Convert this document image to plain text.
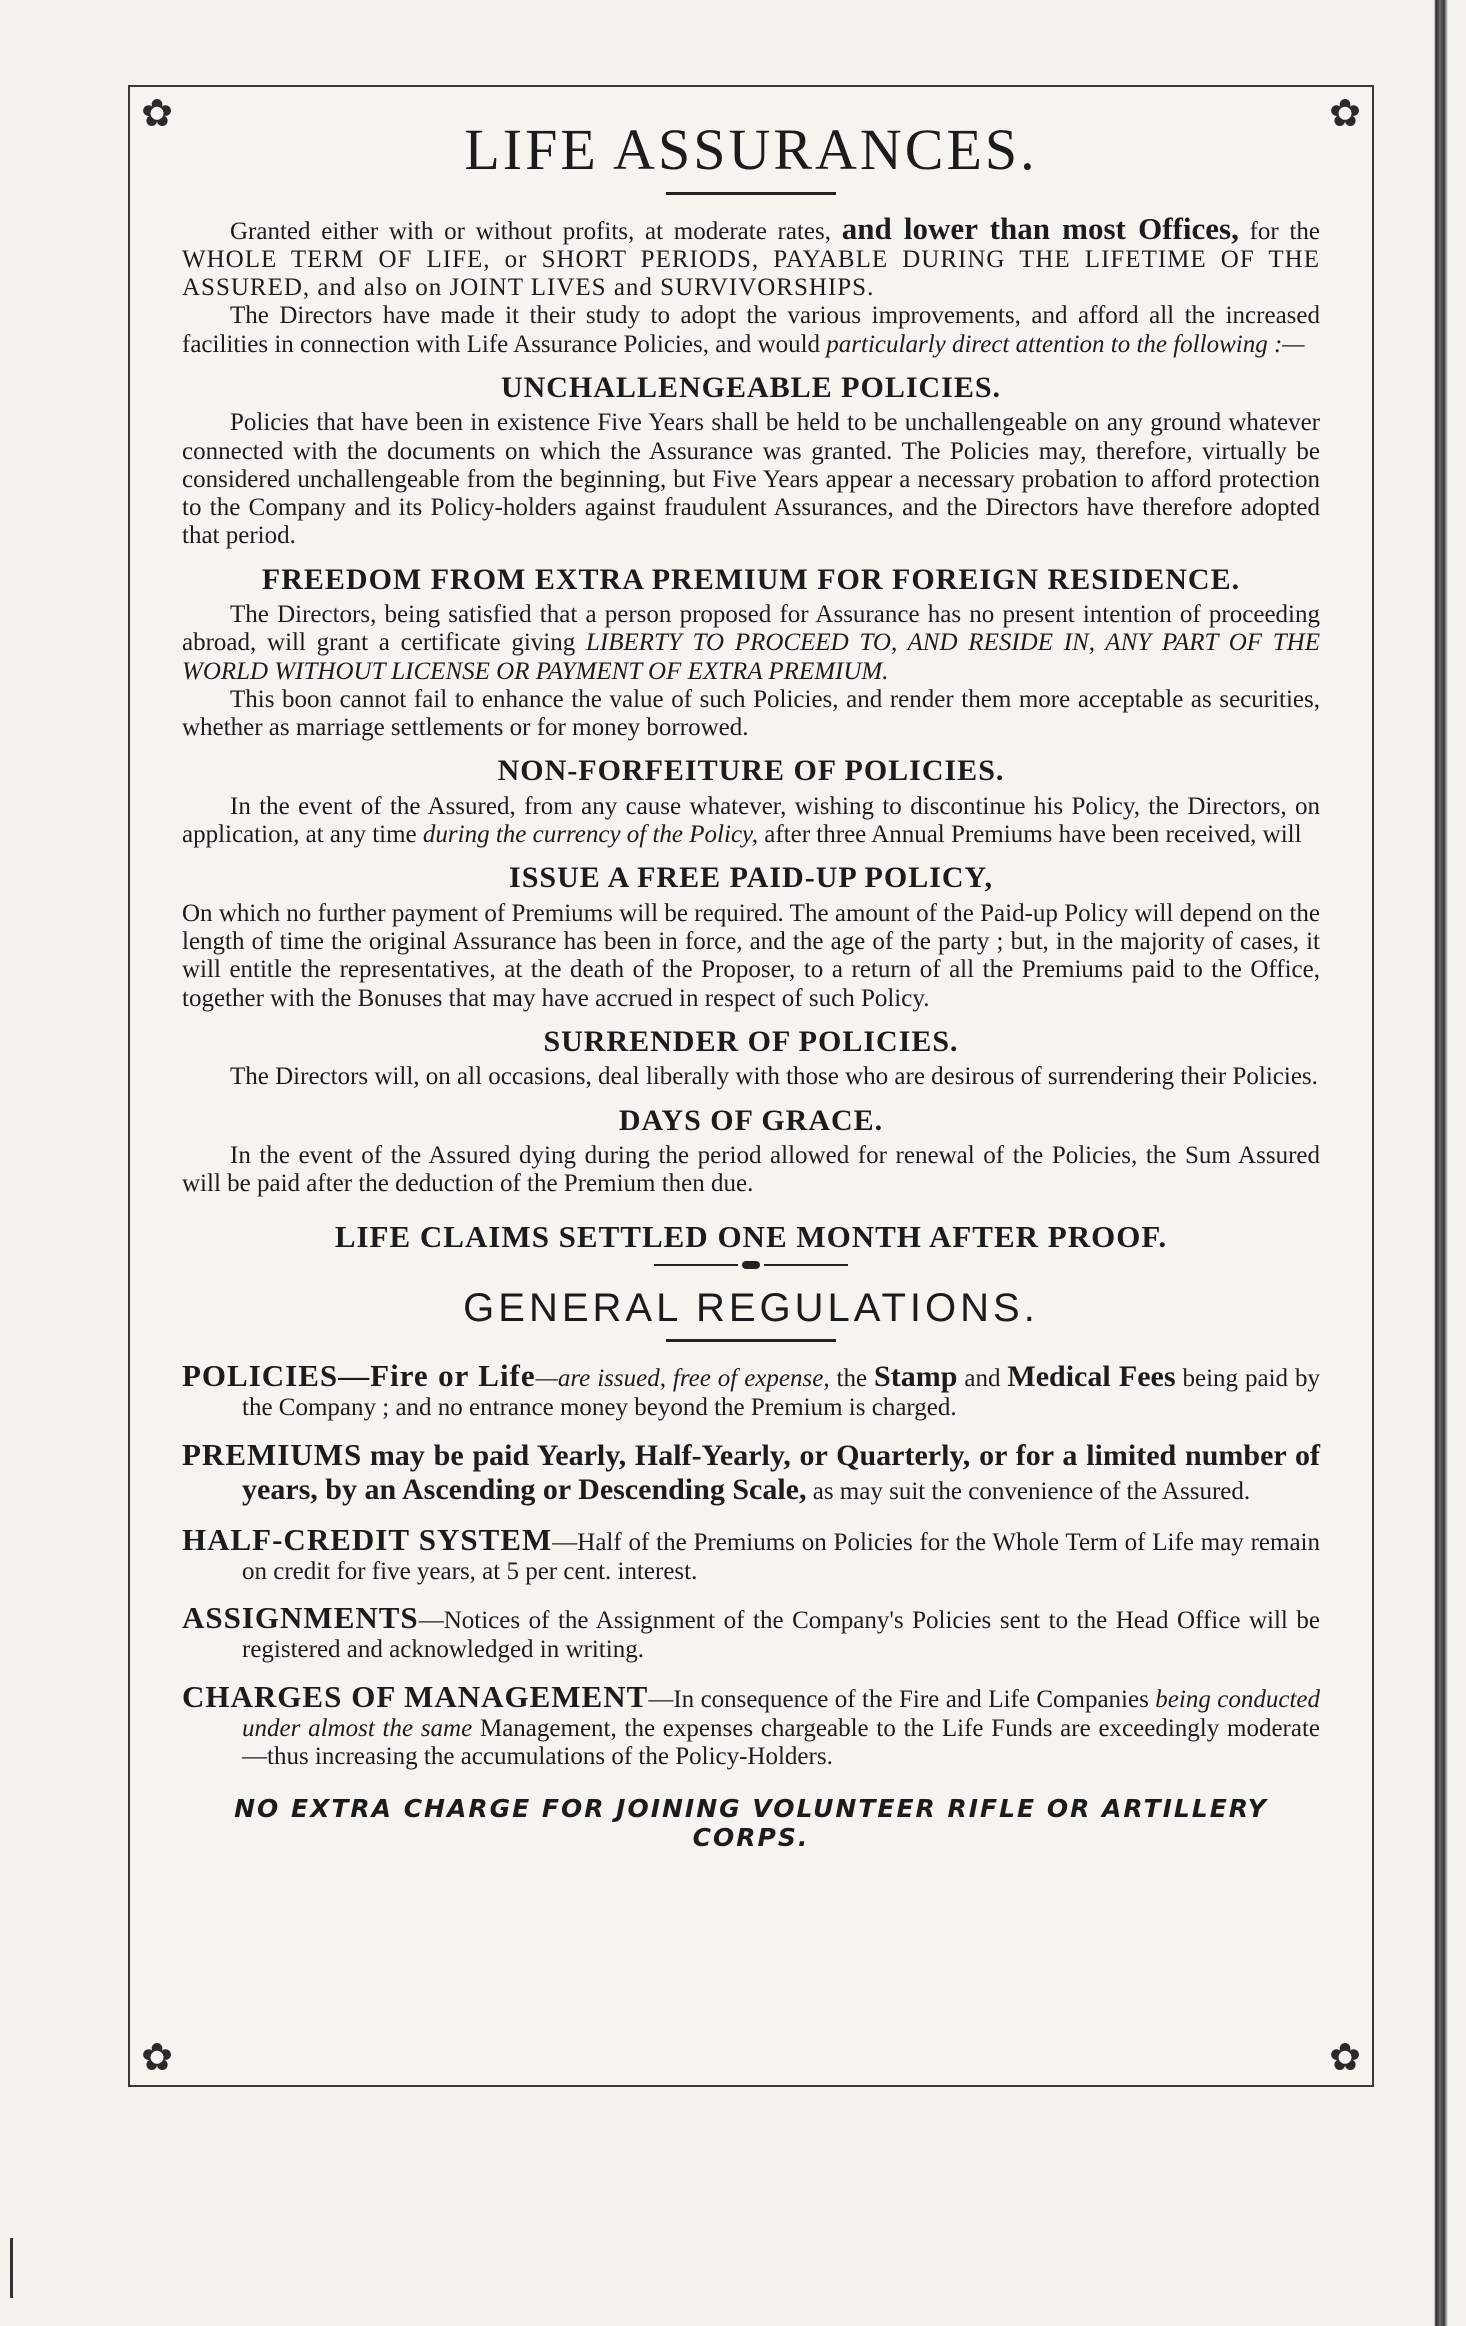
✿	✿
✿	✿
LIFE ASSURANCES.

Granted either with or without profits, at moderate rates, and lower than most Offices, for the WHOLE TERM OF LIFE, or SHORT PERIODS, PAYABLE DURING THE LIFETIME OF THE ASSURED, and also on JOINT LIVES and SURVIVORSHIPS.

The Directors have made it their study to adopt the various improvements, and afford all the increased facilities in connection with Life Assurance Policies, and would particularly direct attention to the following :—

UNCHALLENGEABLE POLICIES.

Policies that have been in existence Five Years shall be held to be unchallengeable on any ground whatever connected with the documents on which the Assurance was granted. The Policies may, therefore, virtually be considered unchallengeable from the beginning, but Five Years appear a necessary probation to afford protection to the Company and its Policy-holders against fraudulent Assurances, and the Directors have therefore adopted that period.

FREEDOM FROM EXTRA PREMIUM FOR FOREIGN RESIDENCE.

The Directors, being satisfied that a person proposed for Assurance has no present intention of proceeding abroad, will grant a certificate giving LIBERTY TO PROCEED TO, AND RESIDE IN, ANY PART OF THE WORLD WITHOUT LICENSE OR PAYMENT OF EXTRA PREMIUM.

This boon cannot fail to enhance the value of such Policies, and render them more acceptable as securities, whether as marriage settlements or for money borrowed.

NON-FORFEITURE OF POLICIES.

In the event of the Assured, from any cause whatever, wishing to discontinue his Policy, the Directors, on application, at any time during the currency of the Policy, after three Annual Premiums have been received, will

ISSUE A FREE PAID-UP POLICY,

On which no further payment of Premiums will be required. The amount of the Paid-up Policy will depend on the length of time the original Assurance has been in force, and the age of the party ; but, in the majority of cases, it will entitle the representatives, at the death of the Proposer, to a return of all the Premiums paid to the Office, together with the Bonuses that may have accrued in respect of such Policy.

SURRENDER OF POLICIES.

The Directors will, on all occasions, deal liberally with those who are desirous of surrendering their Policies.

DAYS OF GRACE.

In the event of the Assured dying during the period allowed for renewal of the Policies, the Sum Assured will be paid after the deduction of the Premium then due.

LIFE CLAIMS SETTLED ONE MONTH AFTER PROOF.
GENERAL REGULATIONS.

POLICIES—Fire or Life—are issued, free of expense, the Stamp and Medical Fees being paid by the Company ; and no entrance money beyond the Premium is charged.

PREMIUMS may be paid Yearly, Half-Yearly, or Quarterly, or for a limited number of years, by an Ascending or Descending Scale, as may suit the convenience of the Assured.

HALF-CREDIT SYSTEM—Half of the Premiums on Policies for the Whole Term of Life may remain on credit for five years, at 5 per cent. interest.

ASSIGNMENTS—Notices of the Assignment of the Company's Policies sent to the Head Office will be registered and acknowledged in writing.

CHARGES OF MANAGEMENT—In consequence of the Fire and Life Companies being conducted under almost the same Management, the expenses chargeable to the Life Funds are exceedingly moderate—thus increasing the accumulations of the Policy-Holders.

NO EXTRA CHARGE FOR JOINING VOLUNTEER RIFLE OR ARTILLERY CORPS.
